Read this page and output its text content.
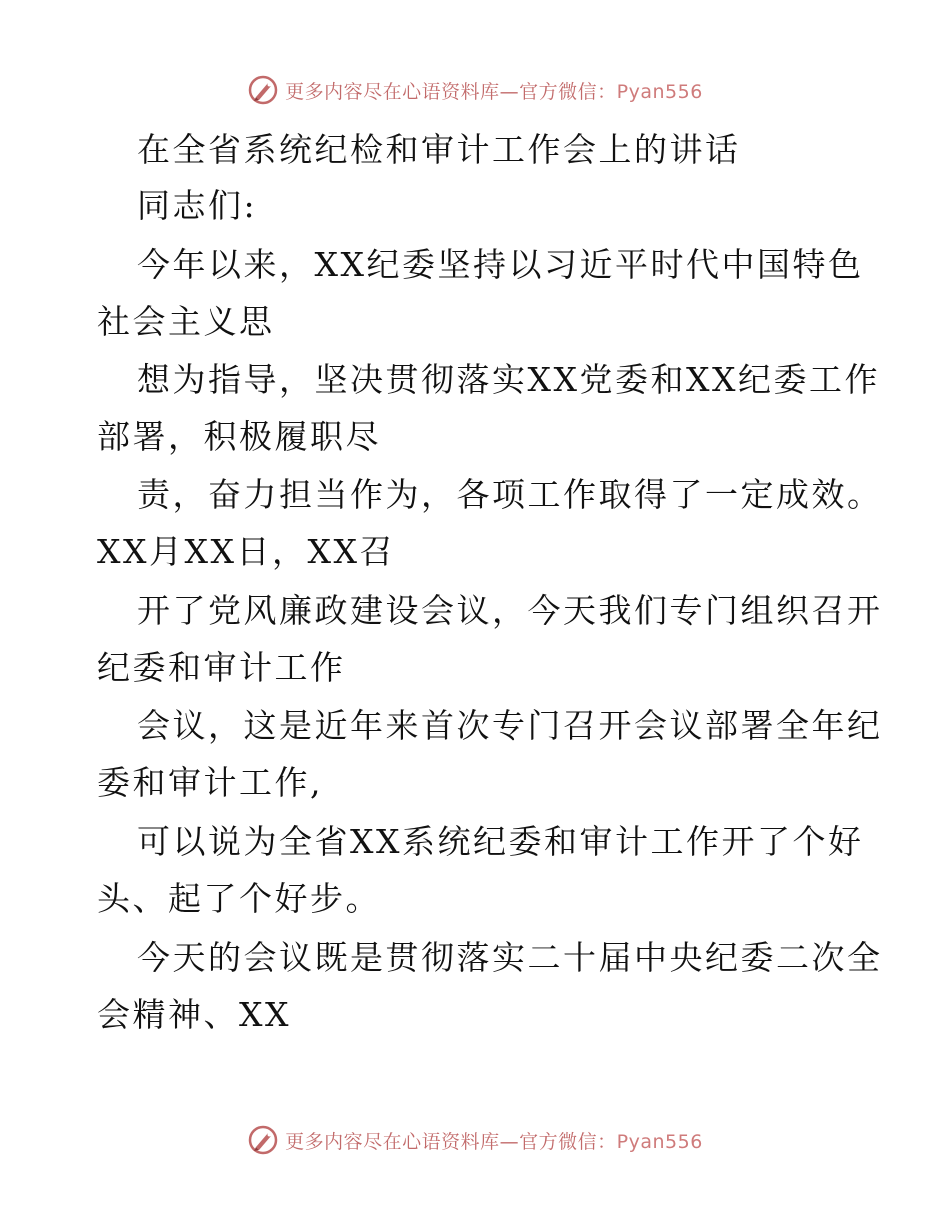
更多内容尽在心语资料库—官方微信：Pyan556
在全省系统纪检和审计工作会上的讲话
同志们:
今年以来，XX纪委坚持以习近平时代中国特色
社会主义思
想为指导，坚决贯彻落实XX党委和XX纪委工作
部署，积极履职尽
责，奋力担当作为，各项工作取得了一定成效。
XX月XX日，XX召
开了党风廉政建设会议，今天我们专门组织召开
纪委和审计工作
会议，这是近年来首次专门召开会议部署全年纪
委和审计工作,
可以说为全省XX系统纪委和审计工作开了个好
头、起了个好步。
今天的会议既是贯彻落实二十届中央纪委二次全
会精神、XX
更多内容尽在心语资料库—官方微信：Pyan556
